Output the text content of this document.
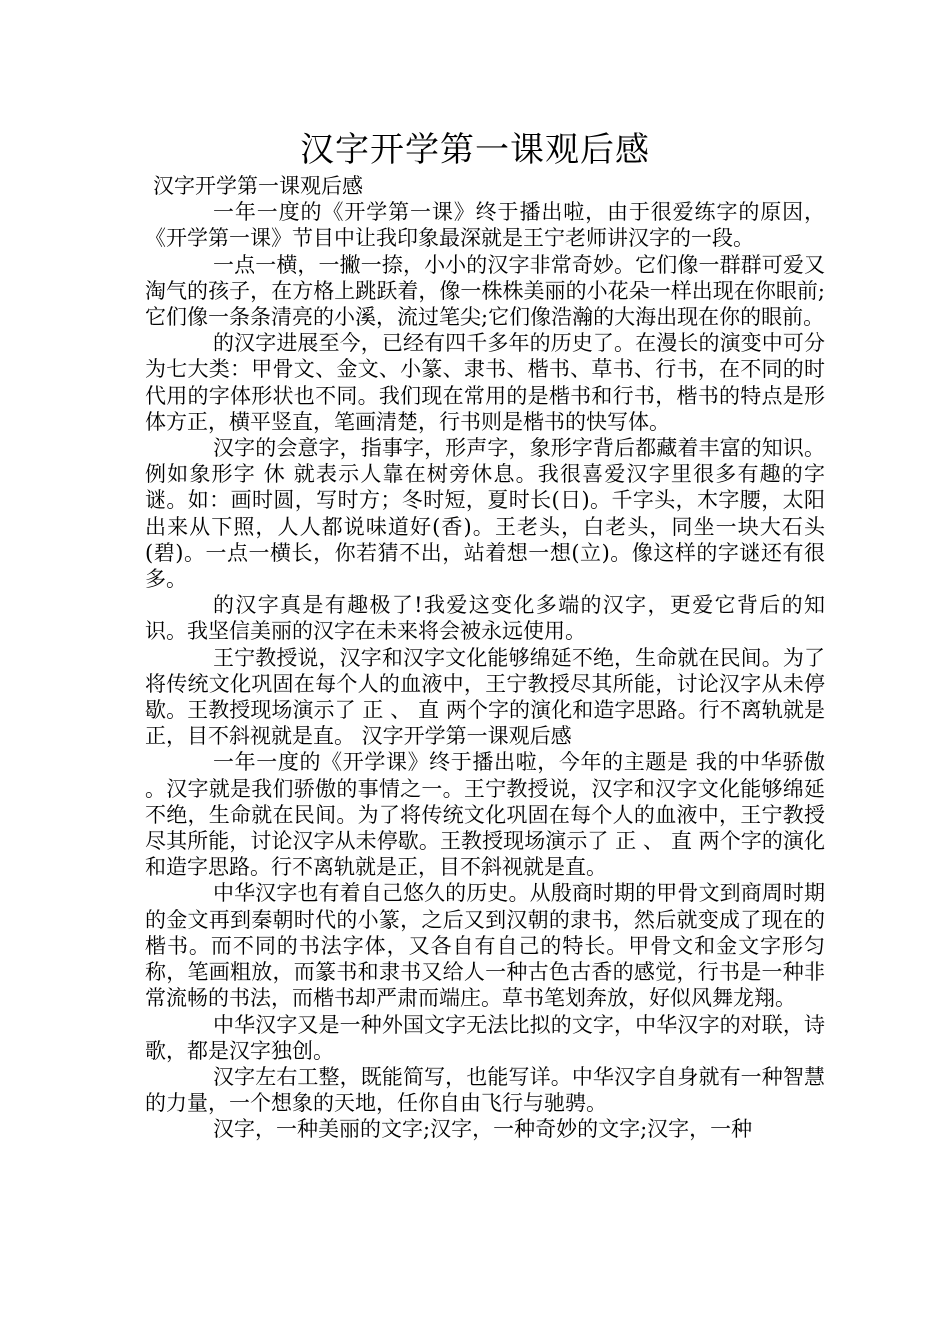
汉字开学第一课观后感

汉字开学第一课观后感

一年一度的《开学第一课》终于播出啦，由于很爱练字的原因，《开学第一课》节目中让我印象最深就是王宁老师讲汉字的一段。

一点一横，一撇一捺，小小的汉字非常奇妙。它们像一群群可爱又淘气的孩子，在方格上跳跃着，像一株株美丽的小花朵一样出现在你眼前;它们像一条条清亮的小溪，流过笔尖;它们像浩瀚的大海出现在你的眼前。

的汉字进展至今，已经有四千多年的历史了。在漫长的演变中可分为七大类：甲骨文、金文、小篆、隶书、楷书、草书、行书，在不同的时代用的字体形状也不同。我们现在常用的是楷书和行书，楷书的特点是形体方正，横平竖直，笔画清楚，行书则是楷书的快写体。

汉字的会意字，指事字，形声字，象形字背后都藏着丰富的知识。例如象形字 休 就表示人靠在树旁休息。我很喜爱汉字里很多有趣的字谜。如：画时圆，写时方；冬时短，夏时长(日)。千字头，木字腰，太阳出来从下照，人人都说味道好(香)。王老头，白老头，同坐一块大石头(碧)。一点一横长，你若猜不出，站着想一想(立)。像这样的字谜还有很多。

的汉字真是有趣极了!我爱这变化多端的汉字，更爱它背后的知识。我坚信美丽的汉字在未来将会被永远使用。

王宁教授说，汉字和汉字文化能够绵延不绝，生命就在民间。为了将传统文化巩固在每个人的血液中，王宁教授尽其所能，讨论汉字从未停歇。王教授现场演示了 正 、 直 两个字的演化和造字思路。行不离轨就是正，目不斜视就是直。 汉字开学第一课观后感

一年一度的《开学课》终于播出啦，今年的主题是 我的中华骄傲 。汉字就是我们骄傲的事情之一。王宁教授说，汉字和汉字文化能够绵延不绝，生命就在民间。为了将传统文化巩固在每个人的血液中，王宁教授尽其所能，讨论汉字从未停歇。王教授现场演示了 正 、 直 两个字的演化和造字思路。行不离轨就是正，目不斜视就是直。

中华汉字也有着自己悠久的历史。从殷商时期的甲骨文到商周时期的金文再到秦朝时代的小篆，之后又到汉朝的隶书，然后就变成了现在的楷书。而不同的书法字体，又各自有自己的特长。甲骨文和金文字形匀称，笔画粗放，而篆书和隶书又给人一种古色古香的感觉，行书是一种非常流畅的书法，而楷书却严肃而端庄。草书笔划奔放，好似风舞龙翔。

中华汉字又是一种外国文字无法比拟的文字，中华汉字的对联，诗歌，都是汉字独创。

汉字左右工整，既能简写，也能写详。中华汉字自身就有一种智慧的力量，一个想象的天地，任你自由飞行与驰骋。

汉字，一种美丽的文字;汉字，一种奇妙的文字;汉字，一种
